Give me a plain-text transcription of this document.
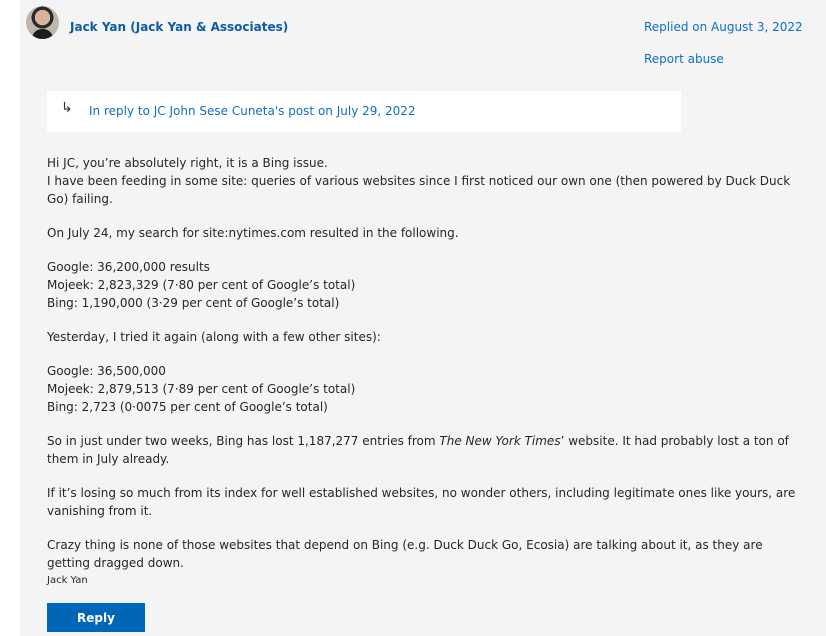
Jack Yan (Jack Yan & Associates)	Replied on August 3, 2022
Report abuse
↳ In reply to JC John Sese Cuneta's post on July 29, 2022

Hi JC, you’re absolutely right, it is a Bing issue.

I have been feeding in some site: queries of various websites since I first noticed our own one (then powered by Duck Duck Go) failing.

On July 24, my search for site:nytimes.com resulted in the following.

Google: 36,200,000 results

Mojeek: 2,823,329 (7·80 per cent of Google’s total)

Bing: 1,190,000 (3·29 per cent of Google’s total)

Yesterday, I tried it again (along with a few other sites):

Google: 36,500,000

Mojeek: 2,879,513 (7·89 per cent of Google’s total)

Bing: 2,723 (0·0075 per cent of Google’s total)

So in just under two weeks, Bing has lost 1,187,277 entries from The New York Times’ website. It had probably lost a ton of them in July already.

If it’s losing so much from its index for well established websites, no wonder others, including legitimate ones like yours, are vanishing from it.

Crazy thing is none of those websites that depend on Bing (e.g. Duck Duck Go, Ecosia) are talking about it, as they are getting dragged down.

Jack Yan

Reply
